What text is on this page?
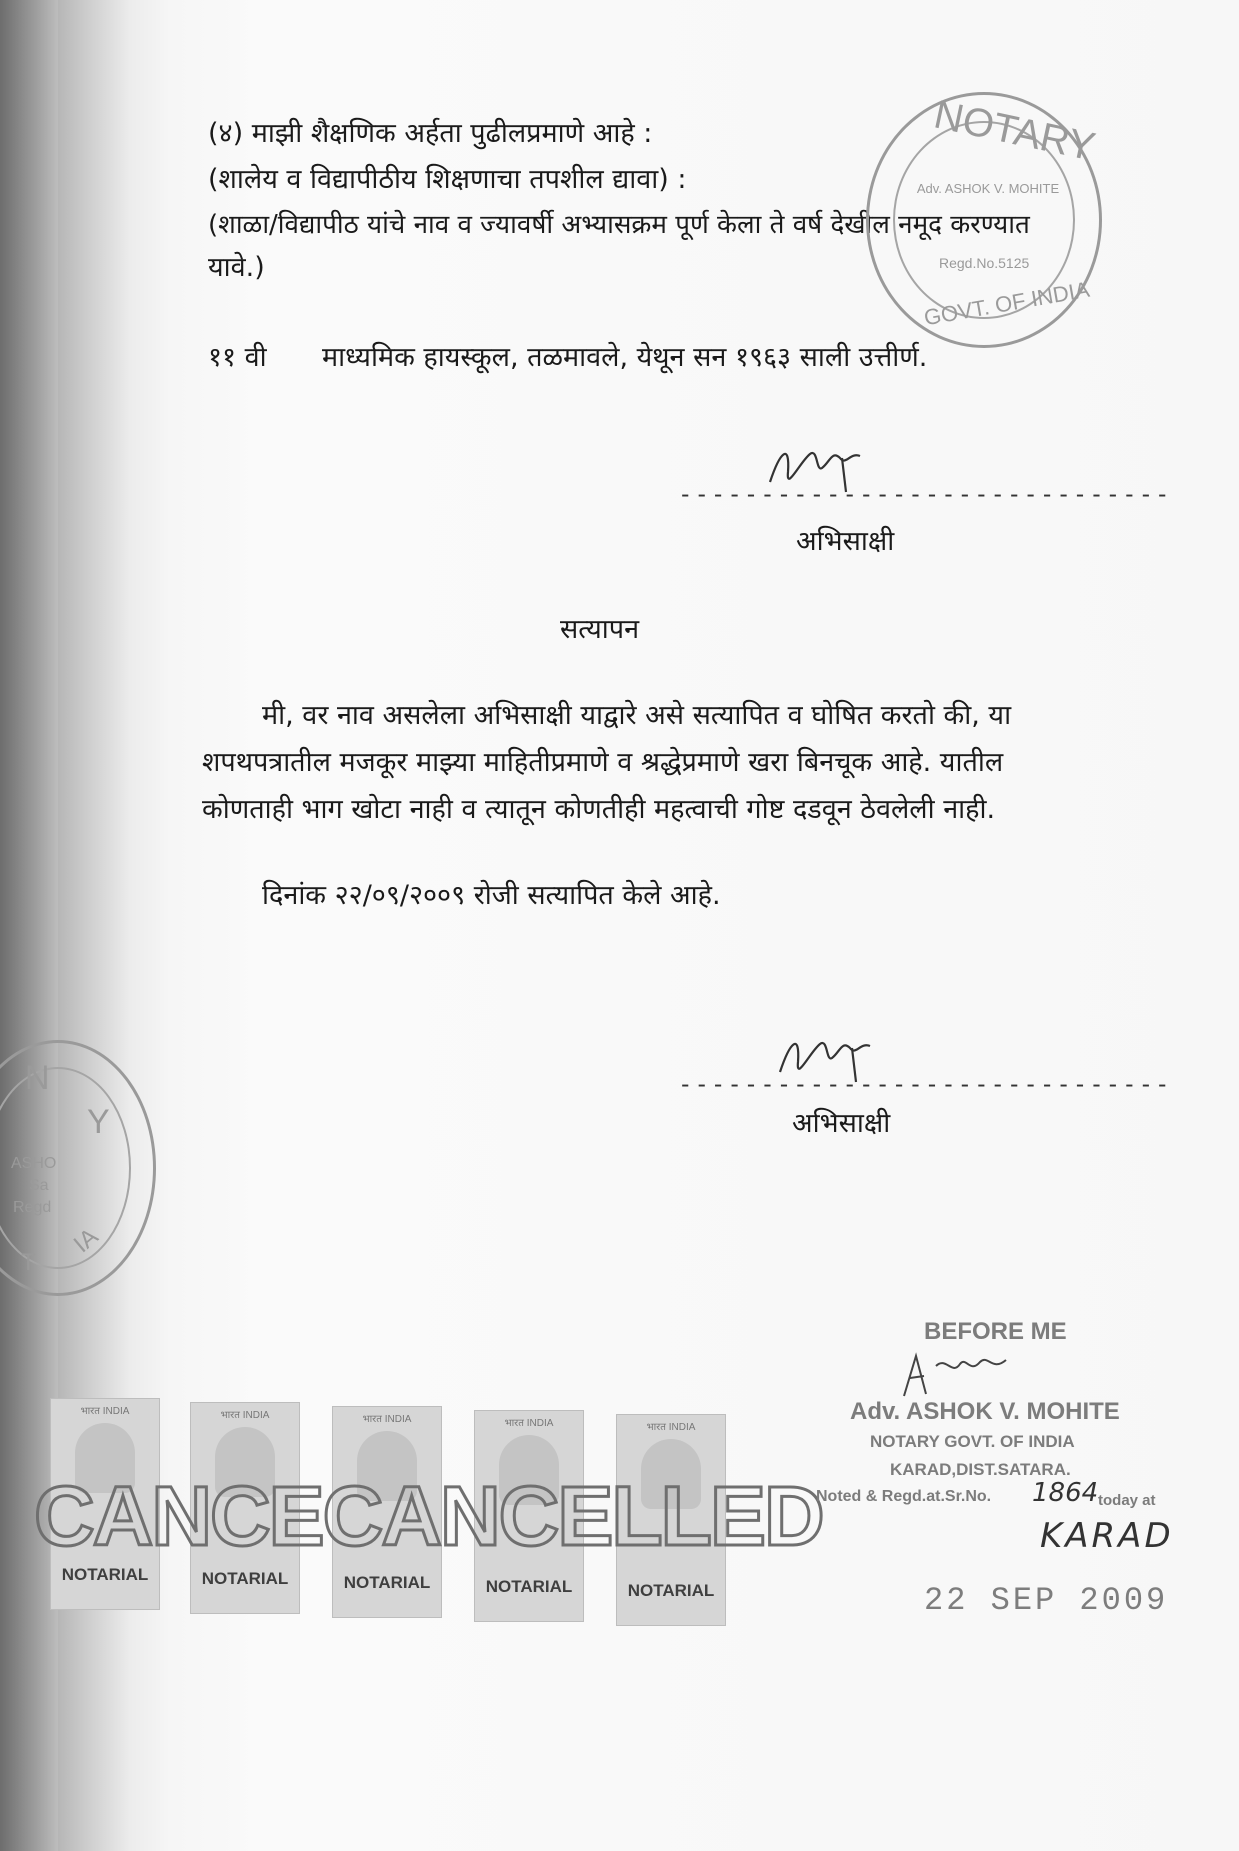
(४) माझी शैक्षणिक अर्हता पुढीलप्रमाणे आहे :
(शालेय व विद्यापीठीय शिक्षणाचा तपशील द्यावा) :
(शाळा/विद्यापीठ यांचे नाव व ज्यावर्षी अभ्यासक्रम पूर्ण केला ते वर्ष देखील नमूद करण्यात
यावे.)
११ वी माध्यमिक हायस्कूल, तळमावले, येथून सन १९६३ साली उत्तीर्ण.
------------------------------
अभिसाक्षी
सत्यापन
मी, वर नाव असलेला अभिसाक्षी याद्वारे असे सत्यापित व घोषित करतो की, या
शपथपत्रातील मजकूर माझ्या माहितीप्रमाणे व श्रद्धेप्रमाणे खरा बिनचूक आहे. यातील
कोणताही भाग खोटा नाही व त्यातून कोणतीही महत्वाची गोष्ट दडवून ठेवलेली नाही.
दिनांक २२/०९/२००९ रोजी सत्यापित केले आहे.
------------------------------
अभिसाक्षी
NOTARY
Adv. ASHOK V. MOHITE
Regd.No.5125
GOVT. OF INDIA
N
Y
ASHO
Sa
Regd
T
IA
भारत INDIA
NOTARIAL
भारत INDIA
NOTARIAL
भारत INDIA
NOTARIAL
भारत INDIA
NOTARIAL
भारत INDIA
NOTARIAL
CANCECANCELLED
BEFORE ME
Adv. ASHOK V. MOHITE
NOTARY GOVT. OF INDIA
KARAD,DIST.SATARA.
Noted & Regd.at.Sr.No. 1864 today at
KARAD
22 SEP 2009
